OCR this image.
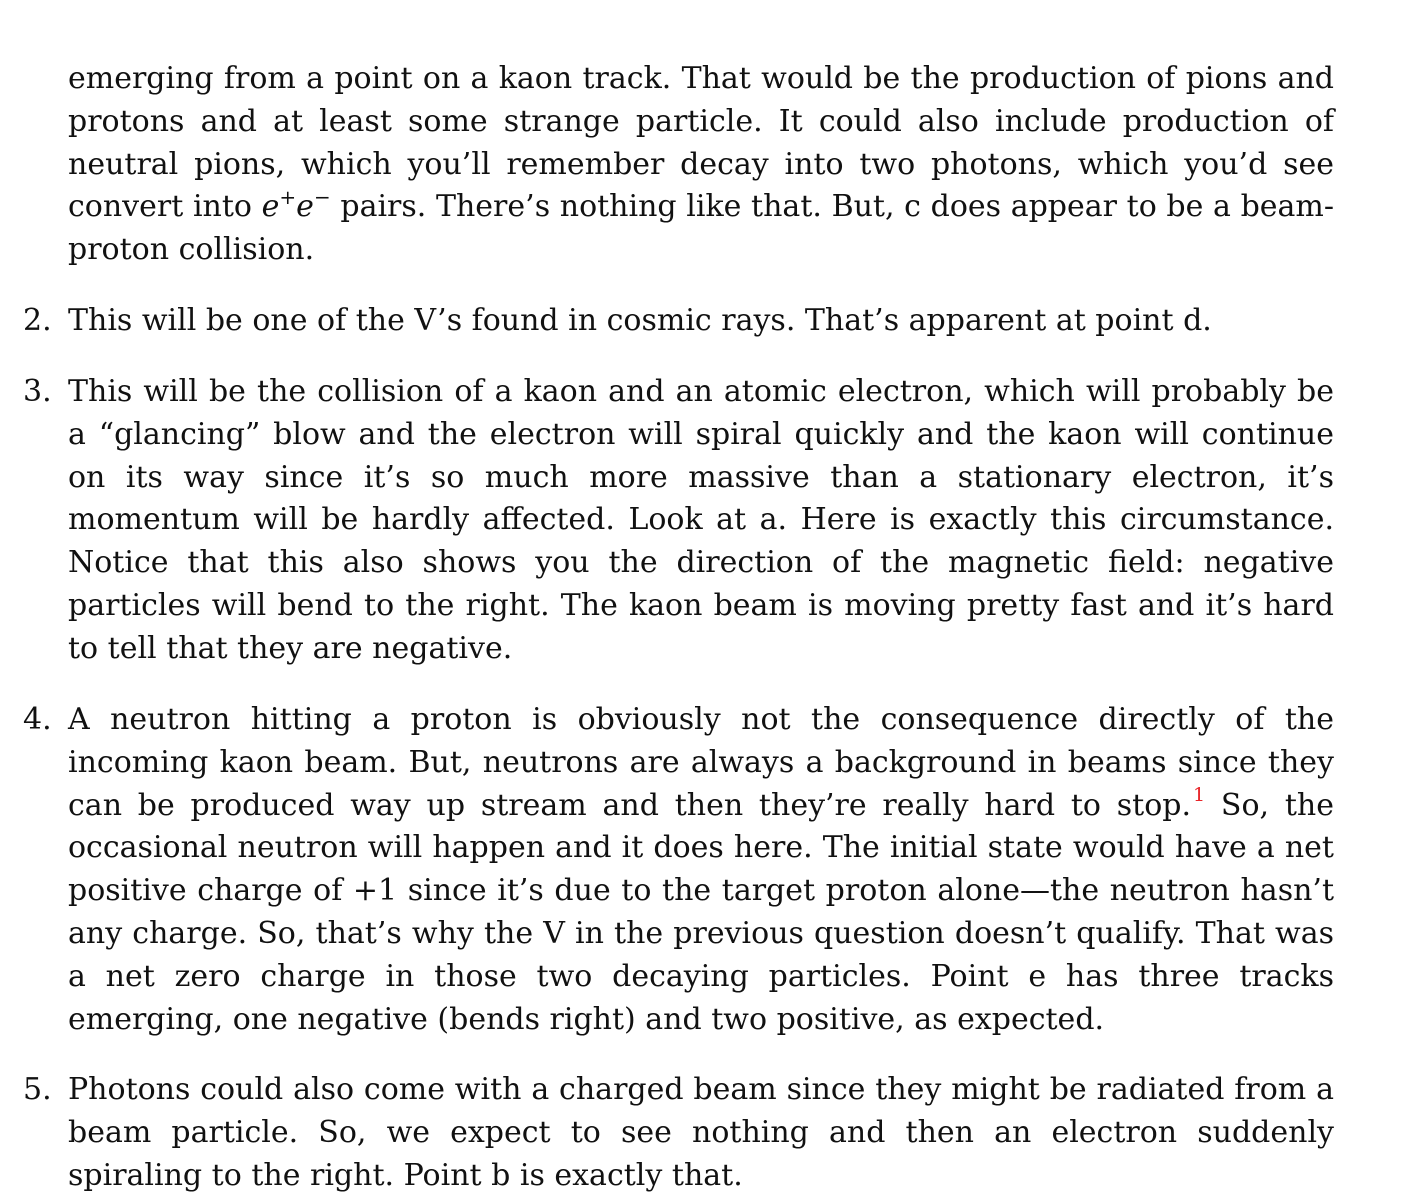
emerging from a point on a kaon track. That would be the production of pions and protons and at least some strange particle. It could also include production of neutral pions, which you’ll remember decay into two photons, which you’d see convert into e+e− pairs. There’s nothing like that. But, c does appear to be a beam-proton collision.

2. This will be one of the V’s found in cosmic rays. That’s apparent at point d.

3. This will be the collision of a kaon and an atomic electron, which will probably be a “glancing” blow and the electron will spiral quickly and the kaon will continue on its way since it’s so much more massive than a stationary electron, it’s momentum will be hardly affected. Look at a. Here is exactly this circumstance. Notice that this also shows you the direction of the magnetic field: negative particles will bend to the right. The kaon beam is moving pretty fast and it’s hard to tell that they are negative.

4. A neutron hitting a proton is obviously not the consequence directly of the incoming kaon beam. But, neutrons are always a background in beams since they can be produced way up stream and then they’re really hard to stop. $^1$ So, the occasional neutron will happen and it does here. The initial state would have a net positive charge of +1 since it’s due to the target proton alone—the neutron hasn’t any charge. So, that’s why the V in the previous question doesn’t qualify. That was a net zero charge in those two decaying particles. Point e has three tracks emerging, one negative (bends right) and two positive, as expected.

5. Photons could also come with a charged beam since they might be radiated from a beam particle. So, we expect to see nothing and then an electron suddenly spiraling to the right. Point b is exactly that.
